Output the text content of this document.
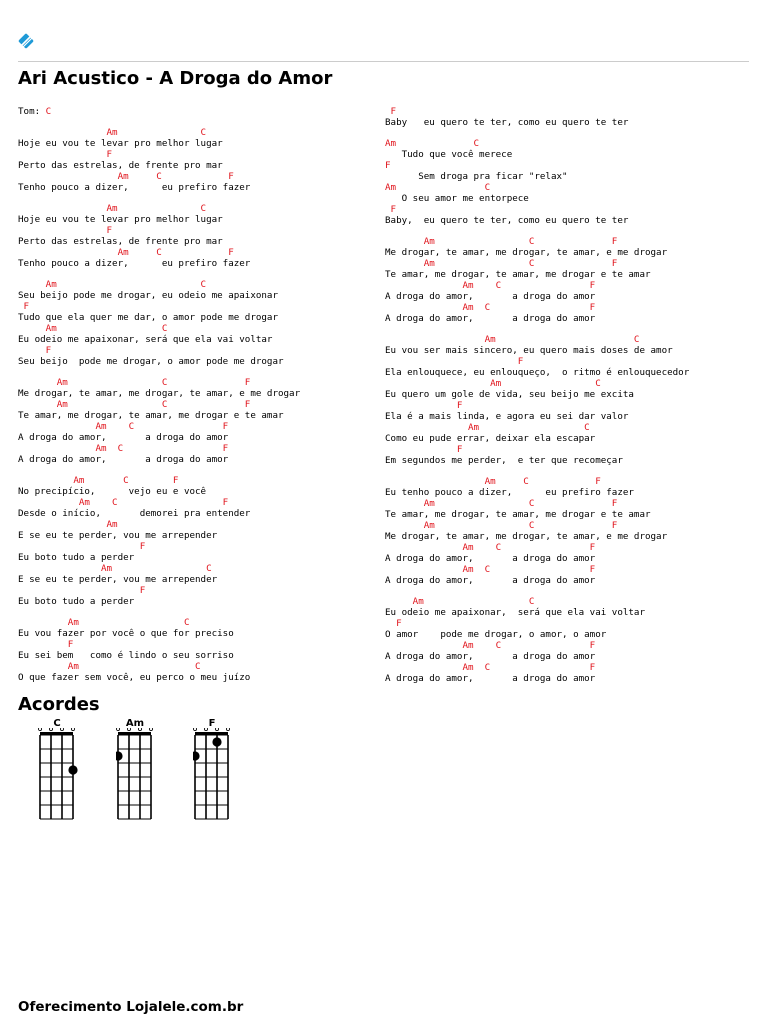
Ari Acustico - A Droga do Amor

Tom: C

Am               C

Hoje eu vou te levar pro melhor lugar

F

Perto das estrelas, de frente pro mar

Am     C            F

Tenho pouco a dizer,      eu prefiro fazer

Am               C

Hoje eu vou te levar pro melhor lugar

F

Perto das estrelas, de frente pro mar

Am     C            F

Tenho pouco a dizer,      eu prefiro fazer

Am                          C

Seu beijo pode me drogar, eu odeio me apaixonar

F

Tudo que ela quer me dar, o amor pode me drogar

Am                   C

Eu odeio me apaixonar, será que ela vai voltar

F

Seu beijo  pode me drogar, o amor pode me drogar

Am                 C              F

Me drogar, te amar, me drogar, te amar, e me drogar

Am                 C              F

Te amar, me drogar, te amar, me drogar e te amar

Am    C                F

A droga do amor,       a droga do amor

Am  C                  F

A droga do amor,       a droga do amor

Am       C        F

No precipício,      vejo eu e você

Am    C                   F

Desde o início,       demorei pra entender

Am

E se eu te perder, vou me arrepender

F

Eu boto tudo a perder

Am                 C

E se eu te perder, vou me arrepender

F

Eu boto tudo a perder

Am                   C

Eu vou fazer por você o que for preciso

F

Eu sei bem   como é lindo o seu sorriso

Am                     C

O que fazer sem você, eu perco o meu juízo

F

Baby   eu quero te ter, como eu quero te ter

Am              C

Tudo que você merece

F

Sem droga pra ficar "relax"

Am                C

O seu amor me entorpece

F

Baby,  eu quero te ter, como eu quero te ter

Am                 C              F

Me drogar, te amar, me drogar, te amar, e me drogar

Am                 C              F

Te amar, me drogar, te amar, me drogar e te amar

Am    C                F

A droga do amor,       a droga do amor

Am  C                  F

A droga do amor,       a droga do amor

Am                         C

Eu vou ser mais sincero, eu quero mais doses de amor

F

Ela enlouquece, eu enlouqueço,  o ritmo é enlouquecedor

Am                 C

Eu quero um gole de vida, seu beijo me excita

F

Ela é a mais linda, e agora eu sei dar valor

Am                   C

Como eu pude errar, deixar ela escapar

F

Em segundos me perder,  e ter que recomeçar

Am     C            F

Eu tenho pouco a dizer,      eu prefiro fazer

Am                 C              F

Te amar, me drogar, te amar, me drogar e te amar

Am                 C              F

Me drogar, te amar, me drogar, te amar, e me drogar

Am    C                F

A droga do amor,       a droga do amor

Am  C                  F

A droga do amor,       a droga do amor

Am                   C

Eu odeio me apaixonar,  será que ela vai voltar

F

O amor    pode me drogar, o amor, o amor

Am    C                F

A droga do amor,       a droga do amor

Am  C                  F

A droga do amor,       a droga do amor

Acordes
C	Am	F

Oferecimento Lojalele.com.br
